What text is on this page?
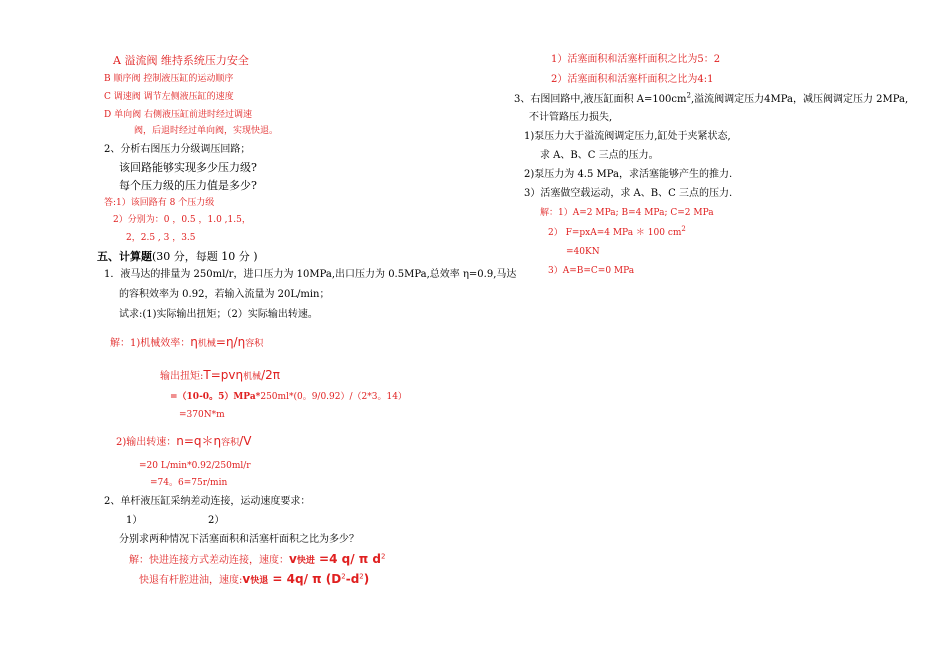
A 溢流阀 维持系统压力安全
B 顺序阀 控制液压缸的运动顺序
C 调速阀 调节左侧液压缸的速度
D 单向阀 右侧液压缸前进时经过调速
阀，后退时经过单向阀，实现快退。
2、分析右图压力分级调压回路；
该回路能够实现多少压力级?
每个压力级的压力值是多少?
答:1）该回路有 8 个压力级
2）分别为：0 ，0.5 ，1.0 ,1.5，
2，2.5 , 3 ，3.5
五、计算题(30 分，每题 10 分 )
1．液马达的排量为 250ml/r，进口压力为 10MPa,出口压力为 0.5MPa,总效率 η=0.9,马达
的容积效率为 0.92，若输入流量为 20L/min；
试求:(1)实际输出扭矩；（2）实际输出转速。
解：1)机械效率：η机械=η/η容积
输出扭矩:T=pvη机械/2π
=（10-0。5）MPa*250ml*(0。9/0.92）/（2*3。14）
=370N*m
2)输出转速：n=q＊η容积/V
=20 L/min*0.92/250ml/r
=74。6=75r/min
2、单杆液压缸采纳差动连接，运动速度要求：
1）	2）
分别求两种情况下活塞面积和活塞杆面积之比为多少？
解：快进连接方式差动连接，速度：v快进 =4 q/ π $d^2$
快退有杆腔进油，速度:v快退 = 4q/ π $(D^2-d^2)$
1）活塞面积和活塞杆面积之比为5：2
2）活塞面积和活塞杆面积之比为4:1
3、右图回路中,液压缸面积 $A=100cm^2$,溢流阀调定压力4MPa，减压阀调定压力 2MPa,
不计管路压力损失,
1)泵压力大于溢流阀调定压力,缸处于夹紧状态,
求 A、B、C 三点的压力。
2)泵压力为 4.5 MPa，求活塞能够产生的推力.
3）活塞做空载运动，求 A、B、C 三点的压力.
解：1）A=2 MPa; B=4 MPa; C=2 MPa
2） F=pxA=4 MPa ＊ 100 $cm^2$
=40KN
3）A=B=C=0 MPa
